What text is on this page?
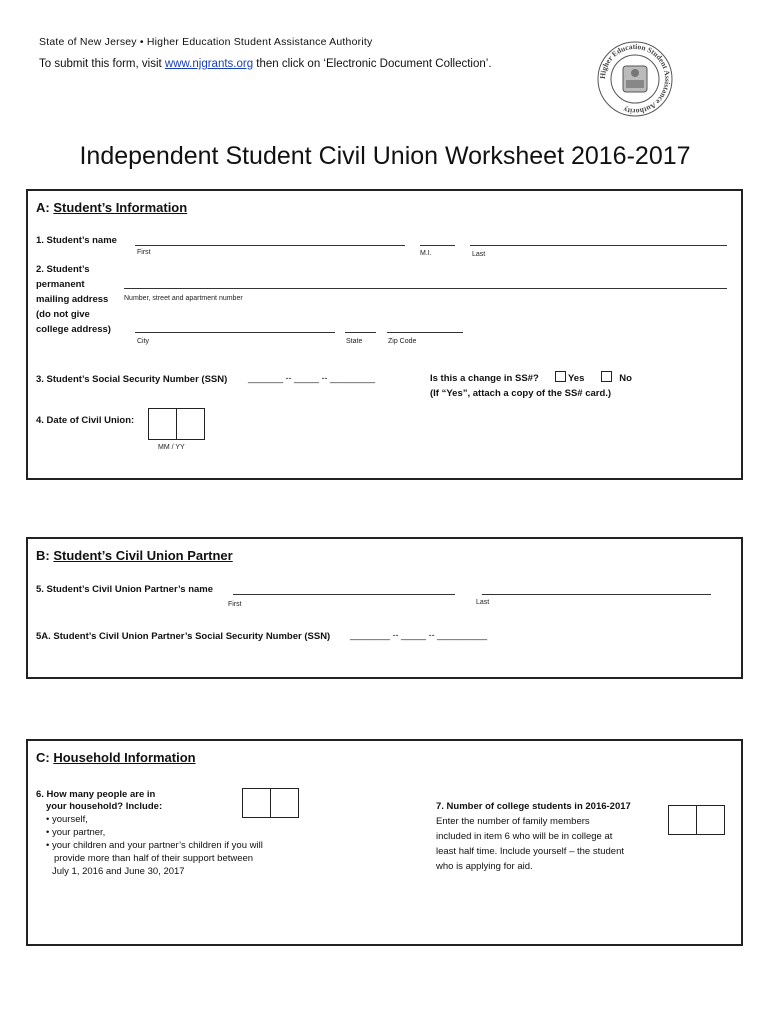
State of New Jersey • Higher Education Student Assistance Authority
To submit this form, visit www.njgrants.org then click on ‘Electronic Document Collection’.
Higher Education Student Assistance Authority
Independent Student Civil Union Worksheet 2016-2017
A: Student’s Information
1. Student’s name
First	M.I.	Last
2. Student’s
permanent
mailing address
(do not give
college address)
Number, street and apartment number
City	State	Zip Code
3. Student’s Social Security Number (SSN) _______ -- _____ -- _________	Is this a change in SS#?	Yes	No
(If “Yes”, attach a copy of the SS# card.)
4. Date of Civil Union:
MM / YY
B: Student’s Civil Union Partner
5. Student’s Civil Union Partner’s name
First	Last
5A. Student’s Civil Union Partner’s Social Security Number (SSN) ________ -- _____ -- __________
C: Household Information
6. How many people are in
your household? Include:
• yourself,
• your partner,
• your children and your partner’s children if you will
provide more than half of their support between
July 1, 2016 and June 30, 2017
7. Number of college students in 2016-2017
Enter the number of family members
included in item 6 who will be in college at
least half time. Include yourself – the student
who is applying for aid.
